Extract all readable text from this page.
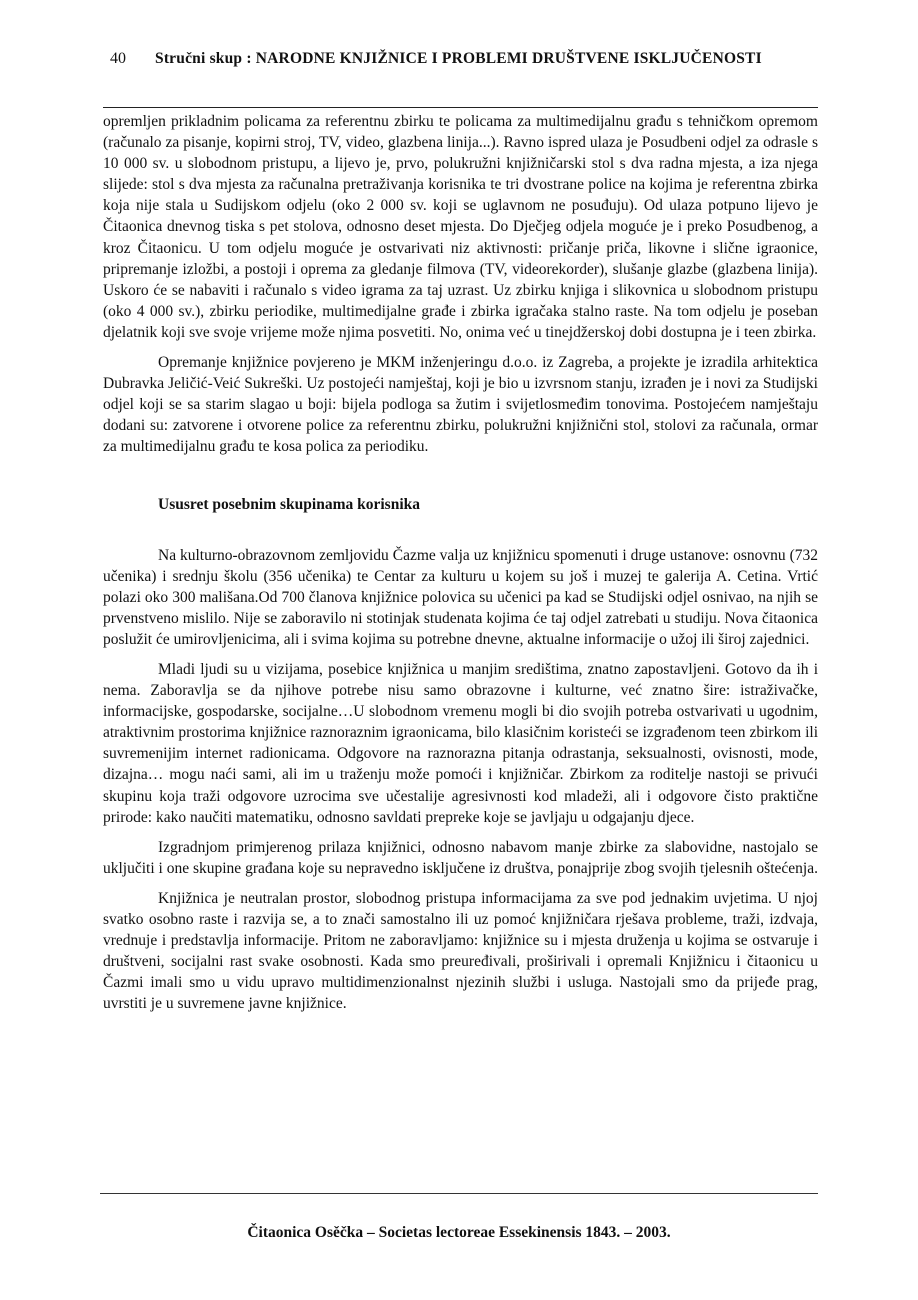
40 Stručni skup : NARODNE KNJIŽNICE I PROBLEMI DRUŠTVENE ISKLJUČENOSTI

opremljen prikladnim policama za referentnu zbirku te policama za multimedijalnu građu s tehničkom opremom (računalo za pisanje, kopirni stroj, TV, video, glazbena linija...). Ravno ispred ulaza je Posudbeni odjel za odrasle s 10 000 sv. u slobodnom pristupu, a lijevo je, prvo, polukružni knjižničarski stol s dva radna mjesta, a iza njega slijede: stol s dva mjesta za računalna pretraživanja korisnika te tri dvostrane police na kojima je referentna zbirka koja nije stala u Sudijskom odjelu (oko 2 000 sv. koji se uglavnom ne posuđuju). Od ulaza potpuno lijevo je Čitaonica dnevnog tiska s pet stolova, odnosno deset mjesta. Do Dječjeg odjela moguće je i preko Posudbenog, a kroz Čitaonicu. U tom odjelu moguće je ostvarivati niz aktivnosti: pričanje priča, likovne i slične igraonice, pripremanje izložbi, a postoji i oprema za gledanje filmova (TV, videorekorder), slušanje glazbe (glazbena linija). Uskoro će se nabaviti i računalo s video igrama za taj uzrast. Uz zbirku knjiga i slikovnica u slobodnom pristupu (oko 4 000 sv.), zbirku periodike, multimedijalne građe i zbirka igračaka stalno raste. Na tom odjelu je poseban djelatnik koji sve svoje vrijeme može njima posvetiti. No, onima već u tinejdžerskoj dobi dostupna je i teen zbirka.

Opremanje knjižnice povjereno je MKM inženjeringu d.o.o. iz Zagreba, a projekte je izradila arhitektica Dubravka Jeličić-Veić Sukreški. Uz postojeći namještaj, koji je bio u izvrsnom stanju, izrađen je i novi za Studijski odjel koji se sa starim slagao u boji: bijela podloga sa žutim i svijetlosmeđim tonovima. Postojećem namještaju dodani su: zatvorene i otvorene police za referentnu zbirku, polukružni knjižnični stol, stolovi za računala, ormar za multimedijalnu građu te kosa polica za periodiku.

Ususret posebnim skupinama korisnika

Na kulturno-obrazovnom zemljovidu Čazme valja uz knjižnicu spomenuti i druge ustanove: osnovnu (732 učenika) i srednju školu (356 učenika) te Centar za kulturu u kojem su još i muzej te galerija A. Cetina. Vrtić polazi oko 300 mališana.Od 700 članova knjižnice polovica su učenici pa kad se Studijski odjel osnivao, na njih se prvenstveno mislilo. Nije se zaboravilo ni stotinjak studenata kojima će taj odjel zatrebati u studiju. Nova čitaonica poslužit će umirovljenicima, ali i svima kojima su potrebne dnevne, aktualne informacije o užoj ili široj zajednici.

Mladi ljudi su u vizijama, posebice knjižnica u manjim središtima, znatno zapostavljeni. Gotovo da ih i nema. Zaboravlja se da njihove potrebe nisu samo obrazovne i kulturne, već znatno šire: istraživačke, informacijske, gospodarske, socijalne…U slobodnom vremenu mogli bi dio svojih potreba ostvarivati u ugodnim, atraktivnim prostorima knjižnice raznoraznim igraonicama, bilo klasičnim koristeći se izgrađenom teen zbirkom ili suvremenijim internet radionicama. Odgovore na raznorazna pitanja odrastanja, seksualnosti, ovisnosti, mode, dizajna… mogu naći sami, ali im u traženju može pomoći i knjižničar. Zbirkom za roditelje nastoji se privući skupinu koja traži odgovore uzrocima sve učestalije agresivnosti kod mladeži, ali i odgovore čisto praktične prirode: kako naučiti matematiku, odnosno savldati prepreke koje se javljaju u odgajanju djece.

Izgradnjom primjerenog prilaza knjižnici, odnosno nabavom manje zbirke za slabovidne, nastojalo se uključiti i one skupine građana koje su nepravedno isključene iz društva, ponajprije zbog svojih tjelesnih oštećenja.

Knjižnica je neutralan prostor, slobodnog pristupa informacijama za sve pod jednakim uvjetima. U njoj svatko osobno raste i razvija se, a to znači samostalno ili uz pomoć knjižničara rješava probleme, traži, izdvaja, vrednuje i predstavlja informacije. Pritom ne zaboravljamo: knjižnice su i mjesta druženja u kojima se ostvaruje i društveni, socijalni rast svake osobnosti. Kada smo preuređivali, proširivali i opremali Knjižnicu i čitaonicu u Čazmi imali smo u vidu upravo multidimenzionalnst njezinih službi i usluga. Nastojali smo da prijeđe prag, uvrstiti je u suvremene javne knjižnice.

Čitaonica Osěčka – Societas lectoreae Essekinensis 1843. – 2003.
